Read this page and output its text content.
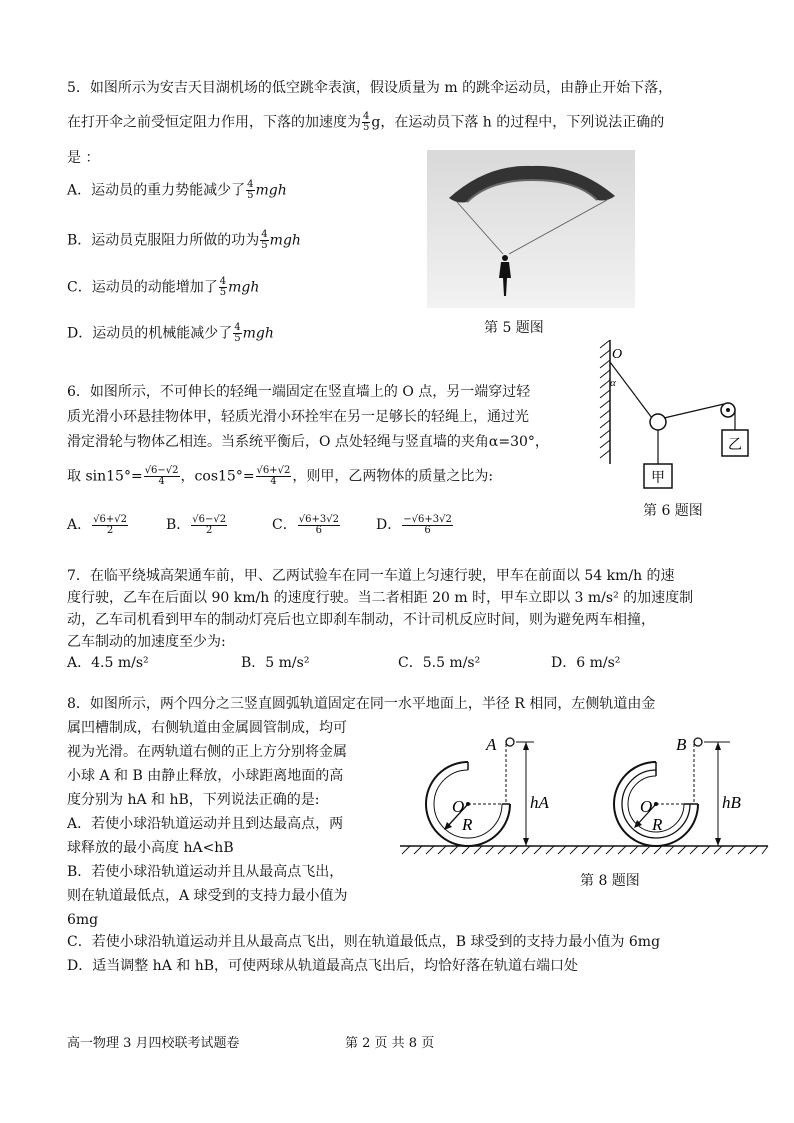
5．如图所示为安吉天目湖机场的低空跳伞表演，假设质量为 m 的跳伞运动员，由静止开始下落，
在打开伞之前受恒定阻力作用，下落的加速度为 $\frac{4}{5}$ g，在运动员下落 h 的过程中，下列说法正确的
是 ：
A．运动员的重力势能减少了 $\frac{4}{5}$ mgh
B．运动员克服阻力所做的功为 $\frac{4}{5}$ mgh
C．运动员的动能增加了 $\frac{4}{5}$ mgh
D．运动员的机械能减少了 $\frac{4}{5}$ mgh	第 5 题图
6．如图所示，不可伸长的轻绳一端固定在竖直墙上的 O 点，另一端穿过轻
质光滑小环悬挂物体甲，轻质光滑小环拴牢在另一足够长的轻绳上，通过光
滑定滑轮与物体乙相连。当系统平衡后，O 点处轻绳与竖直墙的夹角α=30°，
取 $\sin 15^\circ= \frac{√6-√2}{4}$ ，$\cos 15^\circ= \frac{√6+√2}{4}$ ，则甲，乙两物体的质量之比为:
A． $\frac{√6+√2}{2}$	B． $\frac{√6-√2}{2}$	C． $\frac{√6+3√2}{6}$	D． $\frac{-√6+3√2}{6}$
O
α
乙
甲
第 6 题图
7．在临平绕城高架通车前，甲、乙两试验车在同一车道上匀速行驶，甲车在前面以 54 km/h 的速
度行驶，乙车在后面以 90 km/h 的速度行驶。当二者相距 20 m 时，甲车立即以 3 m/s² 的加速度制
动，乙车司机看到甲车的制动灯亮后也立即刹车制动，不计司机反应时间，则为避免两车相撞，
乙车制动的加速度至少为:
A．4.5 m/s²	B．5 m/s²	C．5.5 m/s²	D．6 m/s²
8．如图所示，两个四分之三竖直圆弧轨道固定在同一水平地面上，半径 R 相同，左侧轨道由金
属凹槽制成，右侧轨道由金属圆管制成，均可
视为光滑。在两轨道右侧的正上方分别将金属
小球 A 和 B 由静止释放，小球距离地面的高
度分别为 hA 和 hB，下列说法正确的是:
A．若使小球沿轨道运动并且到达最高点，两
球释放的最小高度 hA<hB
B．若使小球沿轨道运动并且从最高点飞出，
则在轨道最低点，A 球受到的支持力最小值为
6mg
C．若使小球沿轨道运动并且从最高点飞出，则在轨道最低点，B 球受到的支持力最小值为 6mg
D．适当调整 hA 和 hB，可使两球从轨道最高点飞出后，均恰好落在轨道右端口处
A
O
R
hA
B
O
R
hB
第 8 题图
高一物理 3 月四校联考试题卷	第 2 页 共 8 页
